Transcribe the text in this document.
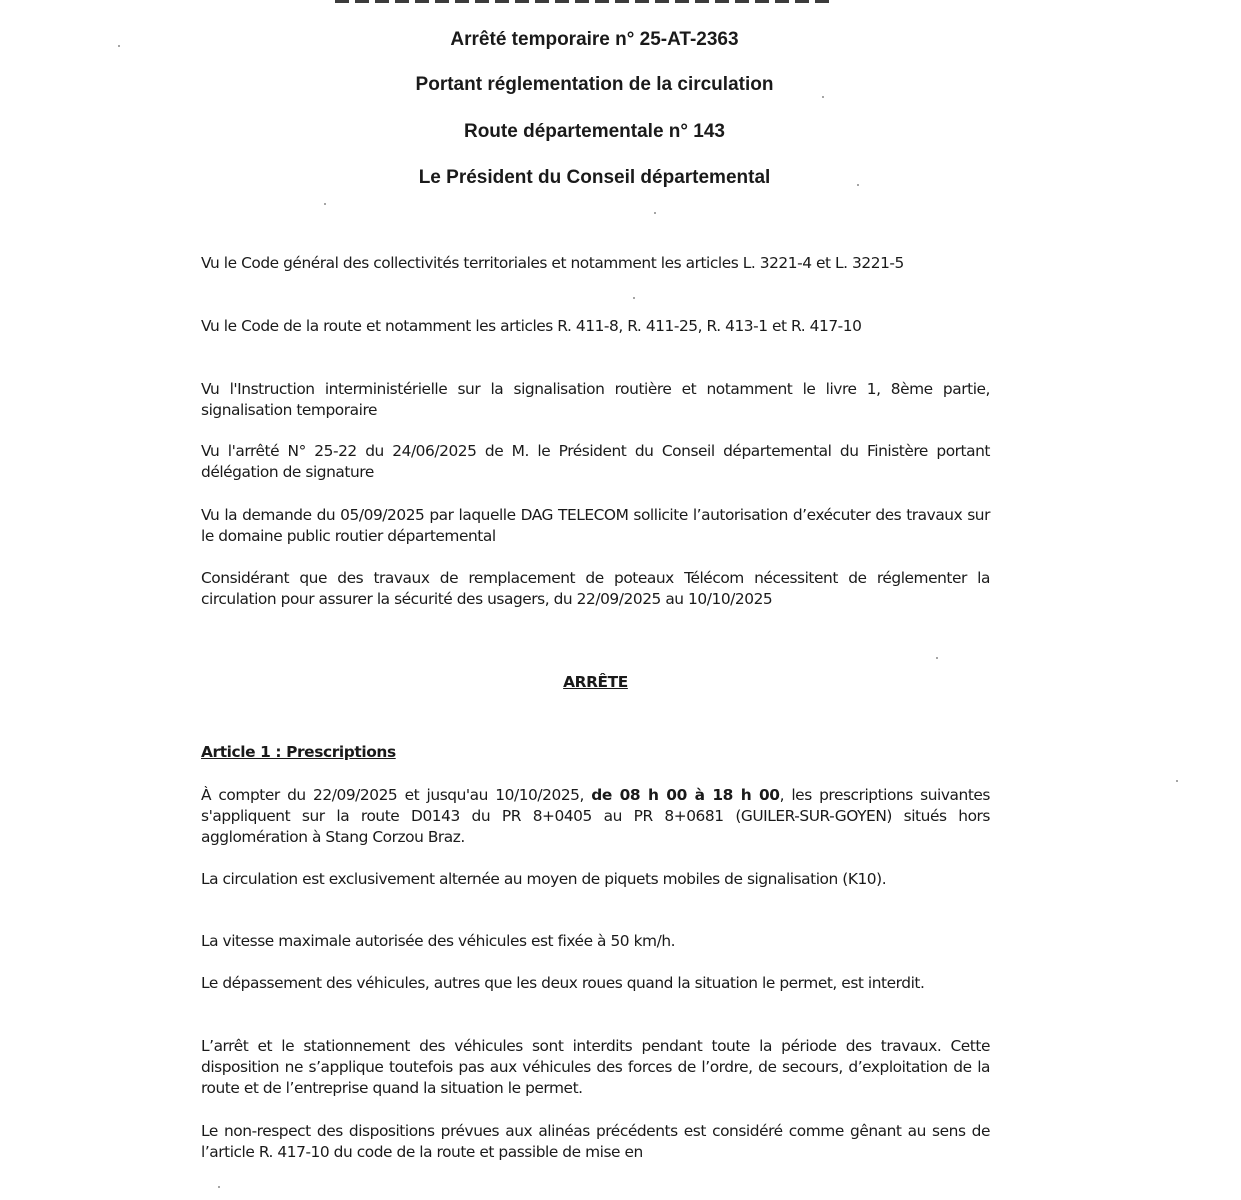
Arrêté temporaire n° 25-AT-2363
Portant réglementation de la circulation
Route départementale n° 143
Le Président du Conseil départemental
Vu le Code général des collectivités territoriales et notamment les articles L. 3221-4 et L. 3221-5
Vu le Code de la route et notamment les articles R. 411-8, R. 411-25, R. 413-1 et R. 417-10
Vu l'Instruction interministérielle sur la signalisation routière et notamment le livre 1, 8ème partie, signalisation temporaire
Vu l'arrêté N° 25-22 du 24/06/2025 de M. le Président du Conseil départemental du Finistère portant délégation de signature
Vu la demande du 05/09/2025 par laquelle DAG TELECOM sollicite l’autorisation d’exécuter des travaux sur le domaine public routier départemental
Considérant que des travaux de remplacement de poteaux Télécom nécessitent de réglementer la circulation pour assurer la sécurité des usagers, du 22/09/2025 au 10/10/2025
ARRÊTE
Article 1 : Prescriptions
À compter du 22/09/2025 et jusqu'au 10/10/2025, de 08 h 00 à 18 h 00, les prescriptions suivantes s'appliquent sur la route D0143 du PR 8+0405 au PR 8+0681 (GUILER-SUR-GOYEN) situés hors agglomération à Stang Corzou Braz.
La circulation est exclusivement alternée au moyen de piquets mobiles de signalisation (K10).
La vitesse maximale autorisée des véhicules est fixée à 50 km/h.
Le dépassement des véhicules, autres que les deux roues quand la situation le permet, est interdit.
L’arrêt et le stationnement des véhicules sont interdits pendant toute la période des travaux. Cette disposition ne s’applique toutefois pas aux véhicules des forces de l’ordre, de secours, d’exploitation de la route et de l’entreprise quand la situation le permet.
Le non-respect des dispositions prévues aux alinéas précédents est considéré comme gênant au sens de l’article R. 417-10 du code de la route et passible de mise en
